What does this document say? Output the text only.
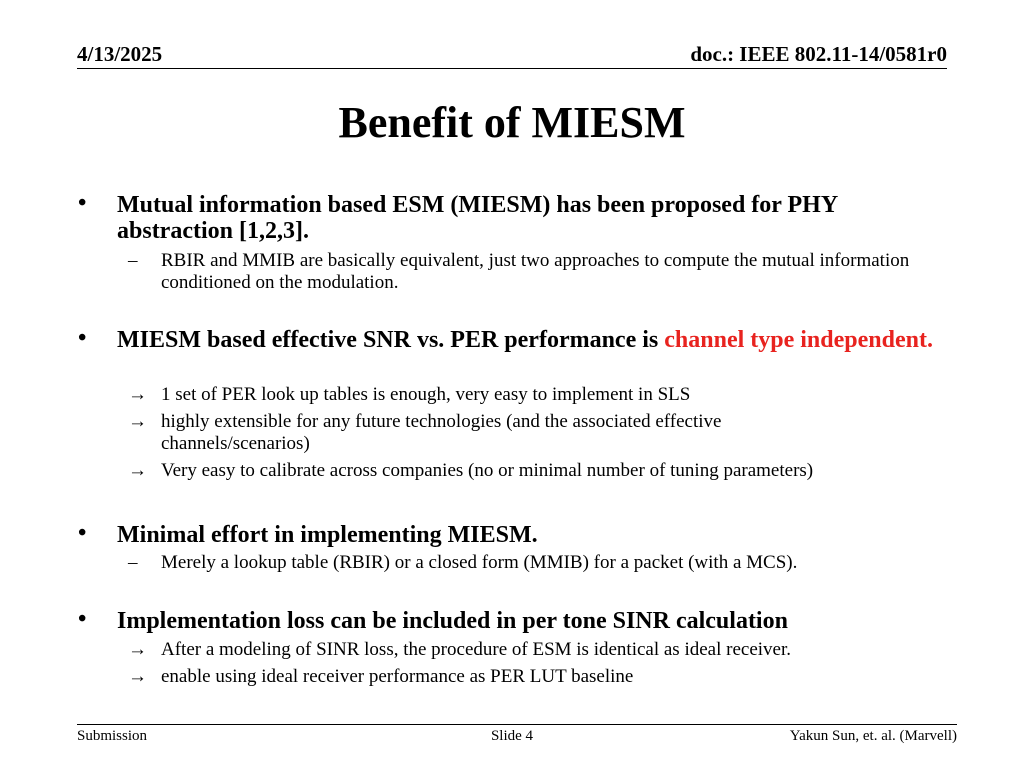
4/13/2025	doc.: IEEE 802.11-14/0581r0
Benefit of MIESM
• Mutual information based ESM (MIESM) has been proposed for PHY abstraction [1,2,3].
– RBIR and MMIB are basically equivalent, just two approaches to compute the mutual information conditioned on the modulation.
• MIESM based effective SNR vs. PER performance is channel type independent.
→ 1 set of PER look up tables is enough, very easy to implement in SLS
→ highly extensible for any future technologies (and the associated effective channels/scenarios)
→ Very easy to calibrate across companies (no or minimal number of tuning parameters)
• Minimal effort in implementing MIESM.
– Merely a lookup table (RBIR) or a closed form (MMIB) for a packet (with a MCS).
• Implementation loss can be included in per tone SINR calculation
→ After a modeling of SINR loss, the procedure of ESM is identical as ideal receiver.
→ enable using ideal receiver performance as PER LUT baseline
Submission	Slide 4	Yakun Sun, et. al. (Marvell)
